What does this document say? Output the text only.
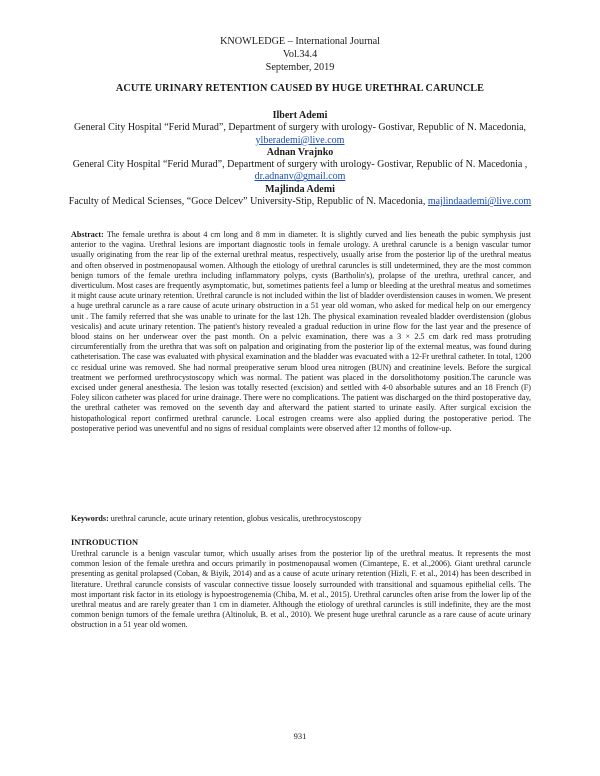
KNOWLEDGE – International Journal
Vol.34.4
September, 2019
ACUTE URINARY RETENTION CAUSED BY HUGE URETHRAL CARUNCLE
Ilbert Ademi
General City Hospital “Ferid Murad”, Department of surgery with urology- Gostivar, Republic of N. Macedonia, ylberademi@live.com
Adnan Vrajnko
General City Hospital “Ferid Murad”, Department of surgery with urology- Gostivar, Republic of N. Macedonia , dr.adnanv@gmail.com
Majlinda Ademi
Faculty of Medical Scienses, “Goce Delcev” University-Stip, Republic of N. Macedonia, majlindaademi@live.com
Abstract: The female urethra is about 4 cm long and 8 mm in diameter. It is slightly curved and lies beneath the pubic symphysis just anterior to the vagina. Urethral lesions are important diagnostic tools in female urology. A urethral caruncle is a benign vascular tumor usually originating from the rear lip of the external urethral meatus, respectively, usually arise from the posterior lip of the urethral meatus and often observed in postmenopausal women. Although the etiology of urethral caruncles is still undetermined, they are the most common benign tumors of the female urethra including inflammatory polyps, cysts (Bartholin's), prolapse of the urethra, urethral cancer, and diverticulum. Most cases are frequently asymptomatic, but, sometimes patients feel a lump or bleeding at the urethral meatus and sometimes it might cause acute urinary retention. Urethral caruncle is not included within the list of bladder overdistension causes in women. We present a huge urethral caruncle as a rare cause of acute urinary obstruction in a 51 year old woman, who asked for medical help on our emergency unit . The family referred that she was unable to urinate for the last 12h. The physical examination revealed bladder overdistension (globus vesicalis) and acute urinary retention. The patient's history revealed a gradual reduction in urine flow for the last year and the presence of blood stains on her underwear over the past month. On a pelvic examination, there was a 3 × 2.5 cm dark red mass protruding circumferentially from the urethra that was soft on palpation and originating from the posterior lip of the external meatus, was found during catheterisation. The case was evaluated with physical examination and the bladder was evacuated with a 12-Fr urethral catheter. In total, 1200 cc residual urine was removed. She had normal preoperative serum blood urea nitrogen (BUN) and creatinine levels. Before the surgical treatment we performed urethrocystoscopy which was normal. The patient was placed in the dorsolithotomy position.The caruncle was excised under general anesthesia. The lesion was totally resected (excision) and settled with 4-0 absorbable sutures and an 18 French (F) Foley silicon catheter was placed for urine drainage. There were no complications. The patient was discharged on the third postoperative day, the urethral catheter was removed on the seventh day and afterward the patient started to urinate easily. After surgical excision the histopathological report confirmed urethral caruncle. Local estrogen creams were also applied during the postoperative period. The postoperative period was uneventful and no signs of residual complaints were observed after 12 months of follow-up.
Keywords: urethral caruncle, acute urinary retention, globus vesicalis, urethrocystoscopy
INTRODUCTION
Urethral caruncle is a benign vascular tumor, which usually arises from the posterior lip of the urethral meatus. It represents the most common lesion of the female urethra and occurs primarily in postmenopausal women (Cimantepe, E. et al.,2006). Giant urethral caruncle presenting as genital prolapsed (Coban, & Biyik, 2014) and as a cause of acute urinary retention (Hizli, F. et al., 2014) has been described in literature. Urethral caruncle consists of vascular connective tissue loosely surrounded with transitional and squamous epithelial cells. The most important risk factor in its etiology is hypoestrogenemia (Chiba, M. et al., 2015). Urethral caruncles often arise from the lower lip of the urethral meatus and are rarely greater than 1 cm in diameter. Although the etiology of urethral caruncles is still indefinite, they are the most common benign tumors of the female urethra (Altinoluk, B. et al., 2010). We present huge urethral caruncle as a rare cause of acute urinary obstruction in a 51 year old women.
931
